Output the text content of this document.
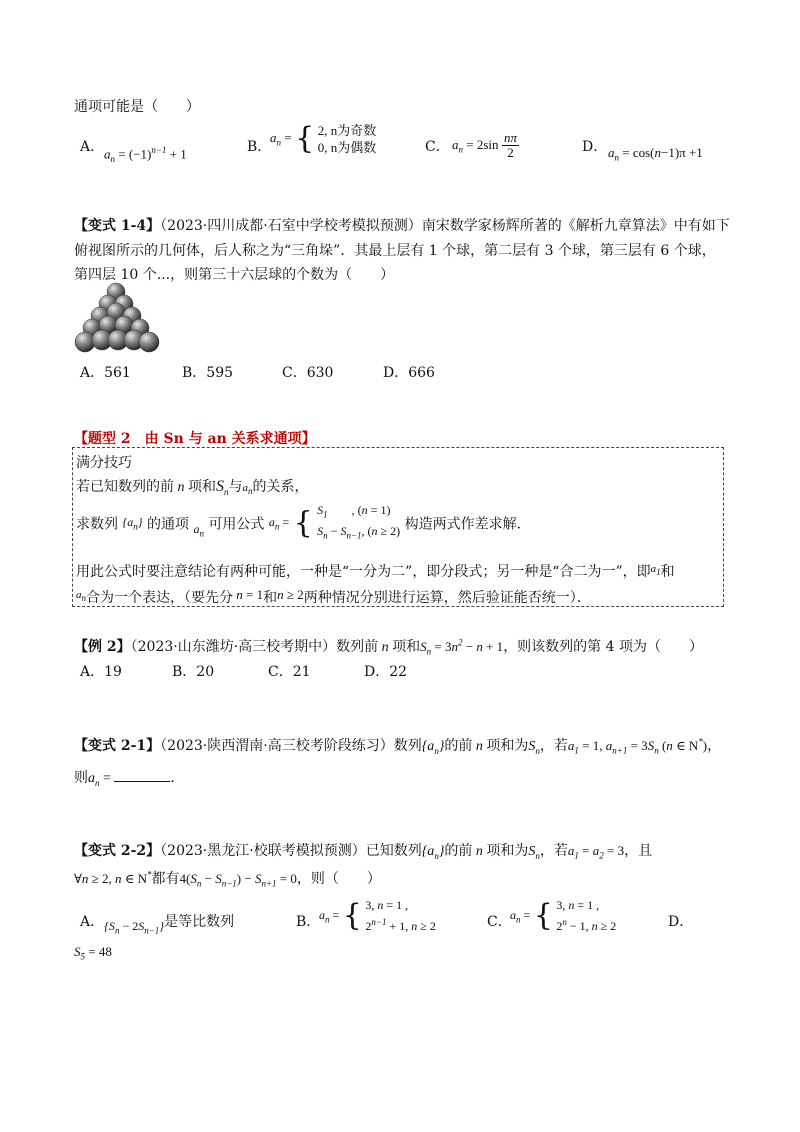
通项可能是（　　）
A． $a_n = (-1)^{n-1} + 1$	B．
$a_n$ = { 2, n为奇数
0, n为偶数	C． $a_n = 2\sin \frac{n\pi}{2}$	D． $a_n = \cos(n-1)\pi +1$
【变式 1-4】（2023·四川成都·石室中学校考模拟预测）南宋数学家杨辉所著的《解析九章算法》中有如下
俯视图所示的几何体，后人称之为“三角垛”．其最上层有 1 个球，第二层有 3 个球，第三层有 6 个球，
第四层 10 个...，则第三十六层球的个数为（　　）
A．561	B．595	C．630	D．666
【题型 2　由 Sn 与 an 关系求通项】
满分技巧
若已知数列的前 n 项和$S_n$与$a_n$的关系，
求数列 $\{a_n\}$ 的通项 $a_n$ 可用公式 $a_n$ = { $S_1$        , (n = 1)
$S_n - S_{n-1}$, (n ≥ 2) 构造两式作差求解．
用此公式时要注意结论有两种可能，一种是“一分为二”，即分段式；另一种是“合二为一”，即$^{a_1}$和
$^{a_n}$合为一个表达，（要先分 n = 1和n ≥ 2两种情况分别进行运算，然后验证能否统一）．
【例 2】（2023·山东潍坊·高三校考期中）数列前 n 项和$S_n = 3n^2 - n + 1$，则该数列的第 4 项为（　　）
A．19	B．20	C．21	D．22
【变式 2-1】（2023·陕西渭南·高三校考阶段练习）数列$\{a_n\}$的前 n 项和为$S_n$，若$a_1 = 1$, $a_{n+1} = 3S_n$ (n ∈ N*)，
则$a_n$ =	．
【变式 2-2】（2023·黑龙江·校联考模拟预测）已知数列$\{a_n\}$的前 n 项和为$S_n$，若$a_1 = a_2 = 3$，且
∀n ≥ 2, n ∈ N*都有$4(S_n - S_{n-1}) - S_{n+1} = 0$，则（　　）
A．$\{S_n - 2S_{n-1}\}$是等比数列	B．
$a_n$ = { 3, n = 1 ,
$2^{n-1} + 1$, n ≥ 2	C．
$a_n$ = { 3, n = 1 ,
$2^n - 1$, n ≥ 2	D．
$S_5 = 48$
